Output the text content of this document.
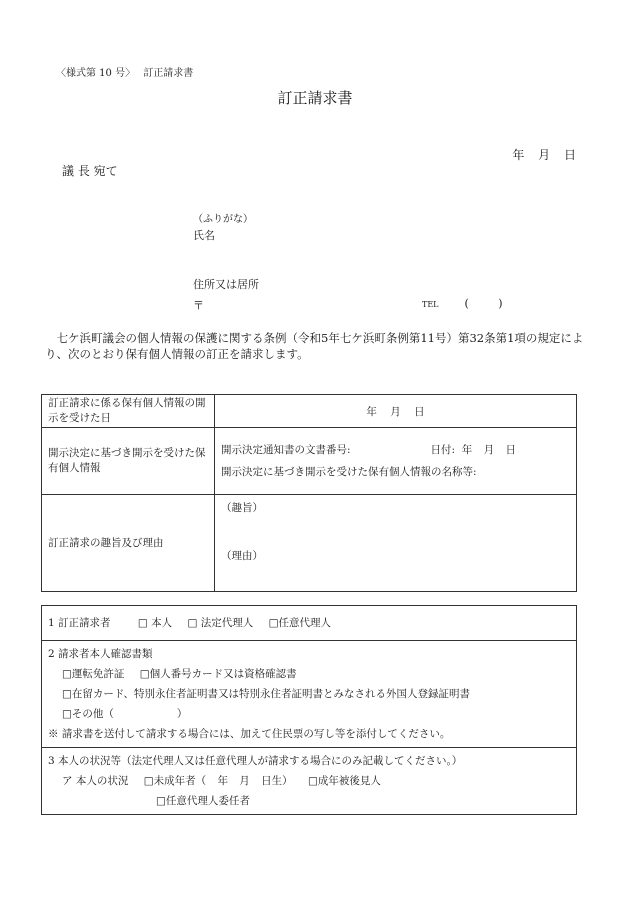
〈様式第 10 号〉　 訂正請求書
訂正請求書
年 月 日
議 長 宛て
（ふりがな）
氏名
住所又は居所
〒	TEL ( )
七ケ浜町議会の個人情報の保護に関する条例（令和5年七ケ浜町条例第11号）第32条第1項の規定により、次のとおり保有個人情報の訂正を請求します。
訂正請求に係る保有個人情報の開示を受けた日	年 月 日
開示決定に基づき開示を受けた保有個人情報	開示決定通知書の文書番号: 日付: 年 月 日
開示決定に基づき開示を受けた保有個人情報の名称等:

訂正請求の趣旨及び理由	（趣旨）
（理由）
1 訂正請求者	□ 本人 □ 法定代理人 □任意代理人

2 請求者本人確認書類
□運転免許証 □個人番号カード又は資格確認書
□在留カード、特別永住者証明書又は特別永住者証明書とみなされる外国人登録証明書
□その他（　　　　　　）
※ 請求書を送付して請求する場合には、加えて住民票の写し等を添付してください。

3 本人の状況等（法定代理人又は任意代理人が請求する場合にのみ記載してください。）
ア 本人の状況 □未成年者（ 年 月 日生） □成年被後見人
□任意代理人委任者
